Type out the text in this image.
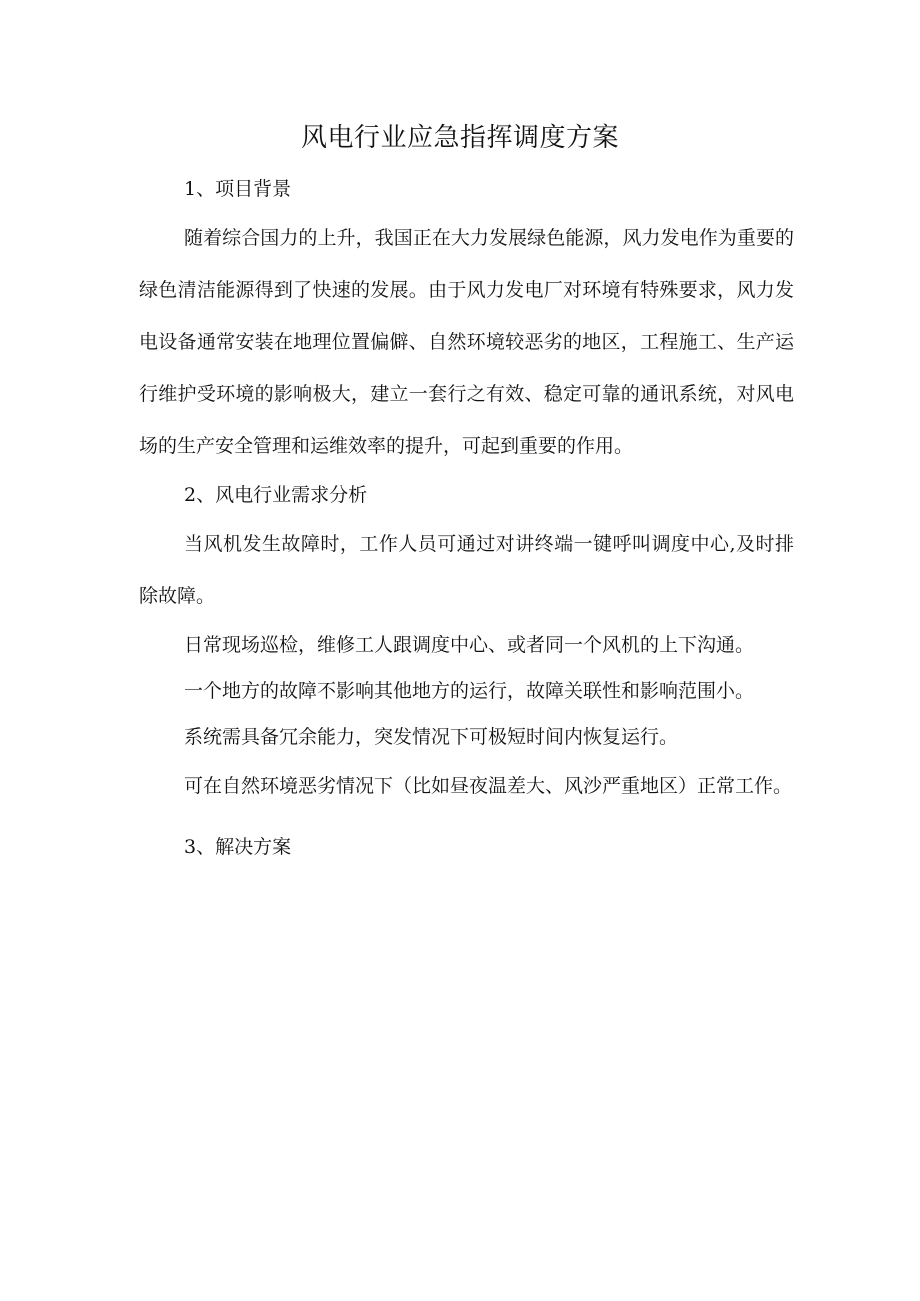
风电行业应急指挥调度方案

1、项目背景

随着综合国力的上升，我国正在大力发展绿色能源，风力发电作为重要的绿色清洁能源得到了快速的发展。由于风力发电厂对环境有特殊要求，风力发电设备通常安装在地理位置偏僻、自然环境较恶劣的地区，工程施工、生产运行维护受环境的影响极大，建立一套行之有效、稳定可靠的通讯系统，对风电场的生产安全管理和运维效率的提升，可起到重要的作用。

2、风电行业需求分析

当风机发生故障时，工作人员可通过对讲终端一键呼叫调度中心,及时排除故障。

日常现场巡检，维修工人跟调度中心、或者同一个风机的上下沟通。

一个地方的故障不影响其他地方的运行，故障关联性和影响范围小。

系统需具备冗余能力，突发情况下可极短时间内恢复运行。

可在自然环境恶劣情况下（比如昼夜温差大、风沙严重地区）正常工作。

3、解决方案
